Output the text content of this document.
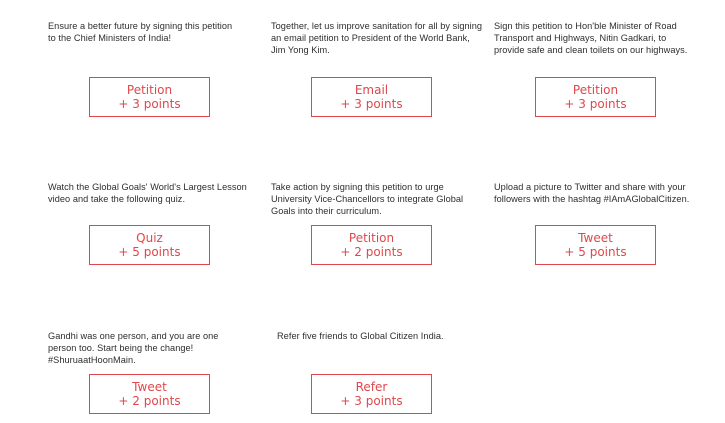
Ensure a better future by signing this petition to the Chief Ministers of India!
Petition
+ 3 points
Together, let us improve sanitation for all by signing an email petition to President of the World Bank, Jim Yong Kim.
Email
+ 3 points
Sign this petition to Hon'ble Minister of Road Transport and Highways, Nitin Gadkari, to provide safe and clean toilets on our highways.
Petition
+ 3 points
Watch the Global Goals' World's Largest Lesson video and take the following quiz.
Quiz
+ 5 points
Take action by signing this petition to urge University Vice-Chancellors to integrate Global Goals into their curriculum.
Petition
+ 2 points
Upload a picture to Twitter and share with your followers with the hashtag #IAmAGlobalCitizen.
Tweet
+ 5 points
Gandhi was one person, and you are one person too. Start being the change! #ShuruaatHoonMain.
Tweet
+ 2 points
Refer five friends to Global Citizen India.
Refer
+ 3 points
